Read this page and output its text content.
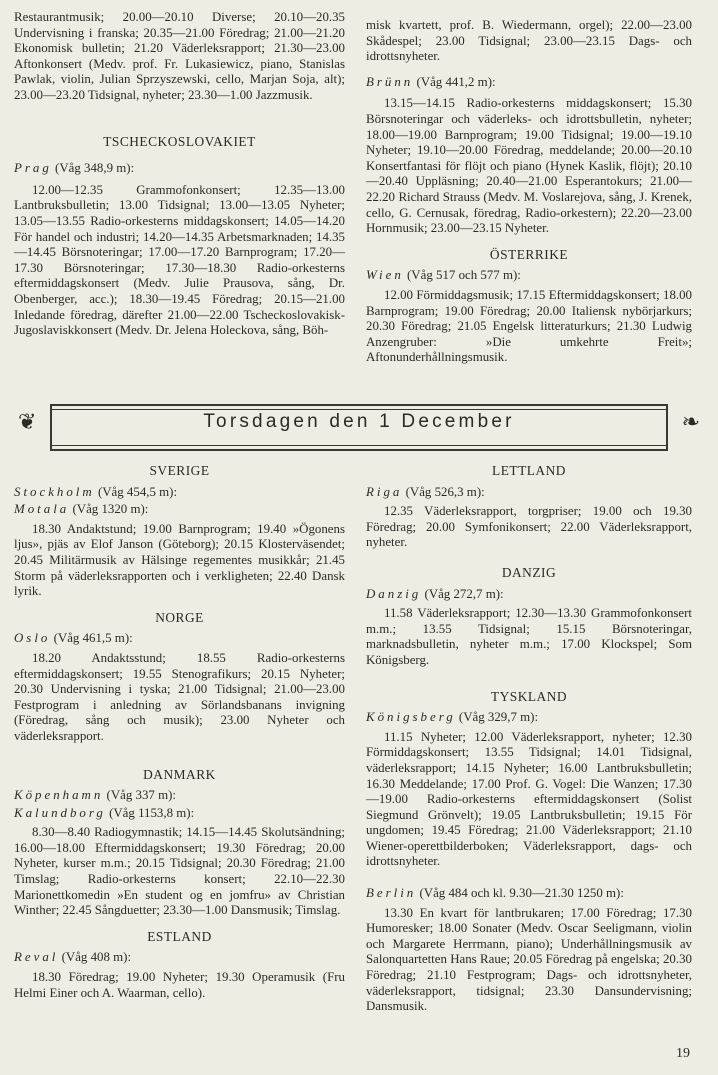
Restaurantmusik; 20.00—20.10 Diverse; 20.10—20.35 Undervisning i franska; 20.35—21.00 Föredrag; 21.00—21.20 Ekonomisk bulletin; 21.20 Väderleksrapport; 21.30—23.00 Aftonkonsert (Medv. prof. Fr. Lukasiewicz, piano, Stanislas Pawlak, violin, Julian Sprzyszewski, cello, Marjan Soja, alt); 23.00—23.20 Tidsignal, nyheter; 23.30—1.00 Jazzmusik.

TSCHECKOSLOVAKIET

Prag (Våg 348,9 m):

12.00—12.35 Grammofonkonsert; 12.35—13.00 Lantbruksbulletin; 13.00 Tidsignal; 13.00—13.05 Nyheter; 13.05—13.55 Radio-orkesterns middagskonsert; 14.05—14.20 För handel och industri; 14.20—14.35 Arbetsmarknaden; 14.35—14.45 Börsnoteringar; 17.00—17.20 Barnprogram; 17.20—17.30 Börsnoteringar; 17.30—18.30 Radio-orkesterns eftermiddagskonsert (Medv. Julie Prausova, sång, Dr. Obenberger, acc.); 18.30—19.45 Föredrag; 20.15—21.00 Inledande föredrag, därefter 21.00—22.00 Tscheckoslovakisk-Jugoslaviskkonsert (Medv. Dr. Jelena Holeckova, sång, Böh-

misk kvartett, prof. B. Wiedermann, orgel); 22.00—23.00 Skådespel; 23.00 Tidsignal; 23.00—23.15 Dags- och idrottsnyheter.

Brünn (Våg 441,2 m):

13.15—14.15 Radio-orkesterns middagskonsert; 15.30 Börsnoteringar och väderleks- och idrottsbulletin, nyheter; 18.00—19.00 Barnprogram; 19.00 Tidsignal; 19.00—19.10 Nyheter; 19.10—20.00 Föredrag, meddelande; 20.00—20.10 Konsertfantasi för flöjt och piano (Hynek Kaslik, flöjt); 20.10—20.40 Uppläsning; 20.40—21.00 Esperantokurs; 21.00—22.20 Richard Strauss (Medv. M. Voslarejova, sång, J. Krenek, cello, G. Cernusak, föredrag, Radio-orkestern); 22.20—23.00 Hornmusik; 23.00—23.15 Nyheter.

ÖSTERRIKE

Wien (Våg 517 och 577 m):

12.00 Förmiddagsmusik; 17.15 Eftermiddagskonsert; 18.00 Barnprogram; 19.00 Föredrag; 20.00 Italiensk nybörjarkurs; 20.30 Föredrag; 21.05 Engelsk litteraturkurs; 21.30 Ludwig Anzengruber: »Die umkehrte Freit»; Aftonunderhållningsmusik.

❦	Torsdagen den 1 December	❧

SVERIGE

Stockholm (Våg 454,5 m):

Motala (Våg 1320 m):

18.30 Andaktstund; 19.00 Barnprogram; 19.40 »Ögonens ljus», pjäs av Elof Janson (Göteborg); 20.15 Klosterväsendet; 20.45 Militärmusik av Hälsinge regementes musikkår; 21.45 Storm på väderleksrapporten och i verkligheten; 22.40 Dansk lyrik.

NORGE

Oslo (Våg 461,5 m):

18.20 Andaktsstund; 18.55 Radio-orkesterns eftermiddagskonsert; 19.55 Stenografikurs; 20.15 Nyheter; 20.30 Undervisning i tyska; 21.00 Tidsignal; 21.00—23.00 Festprogram i anledning av Sörlandsbanans invigning (Föredrag, sång och musik); 23.00 Nyheter och väderleksrapport.

DANMARK

Köpenhamn (Våg 337 m):

Kalundborg (Våg 1153,8 m):

8.30—8.40 Radiogymnastik; 14.15—14.45 Skolutsändning; 16.00—18.00 Eftermiddagskonsert; 19.30 Föredrag; 20.00 Nyheter, kurser m.m.; 20.15 Tidsignal; 20.30 Föredrag; 21.00 Timslag; Radio-orkesterns konsert; 22.10—22.30 Marionettkomedin »En student og en jomfru» av Christian Winther; 22.45 Sångduetter; 23.30—1.00 Dansmusik; Timslag.

ESTLAND

Reval (Våg 408 m):

18.30 Föredrag; 19.00 Nyheter; 19.30 Operamusik (Fru Helmi Einer och A. Waarman, cello).

LETTLAND

Riga (Våg 526,3 m):

12.35 Väderleksrapport, torgpriser; 19.00 och 19.30 Föredrag; 20.00 Symfonikonsert; 22.00 Väderleksrapport, nyheter.

DANZIG

Danzig (Våg 272,7 m):

11.58 Väderleksrapport; 12.30—13.30 Grammofonkonsert m.m.; 13.55 Tidsignal; 15.15 Börsnoteringar, marknadsbulletin, nyheter m.m.; 17.00 Klockspel; Som Königsberg.

TYSKLAND

Königsberg (Våg 329,7 m):

11.15 Nyheter; 12.00 Väderleksrapport, nyheter; 12.30 Förmiddagskonsert; 13.55 Tidsignal; 14.01 Tidsignal, väderleksrapport; 14.15 Nyheter; 16.00 Lantbruksbulletin; 16.30 Meddelande; 17.00 Prof. G. Vogel: Die Wanzen; 17.30—19.00 Radio-orkesterns eftermiddagskonsert (Solist Siegmund Grönvelt); 19.05 Lantbruksbulletin; 19.15 För ungdomen; 19.45 Föredrag; 21.00 Väderleksrapport; 21.10 Wiener-operettbilderboken; Väderleksrapport, dags- och idrottsnyheter.

Berlin (Våg 484 och kl. 9.30—21.30 1250 m):

13.30 En kvart för lantbrukaren; 17.00 Föredrag; 17.30 Humoresker; 18.00 Sonater (Medv. Oscar Seeligmann, violin och Margarete Herrmann, piano); Underhållningsmusik av Salonquartetten Hans Raue; 20.05 Föredrag på engelska; 20.30 Föredrag; 21.10 Festprogram; Dags- och idrottsnyheter, väderleksrapport, tidsignal; 23.30 Dansundervisning; Dansmusik.

19
